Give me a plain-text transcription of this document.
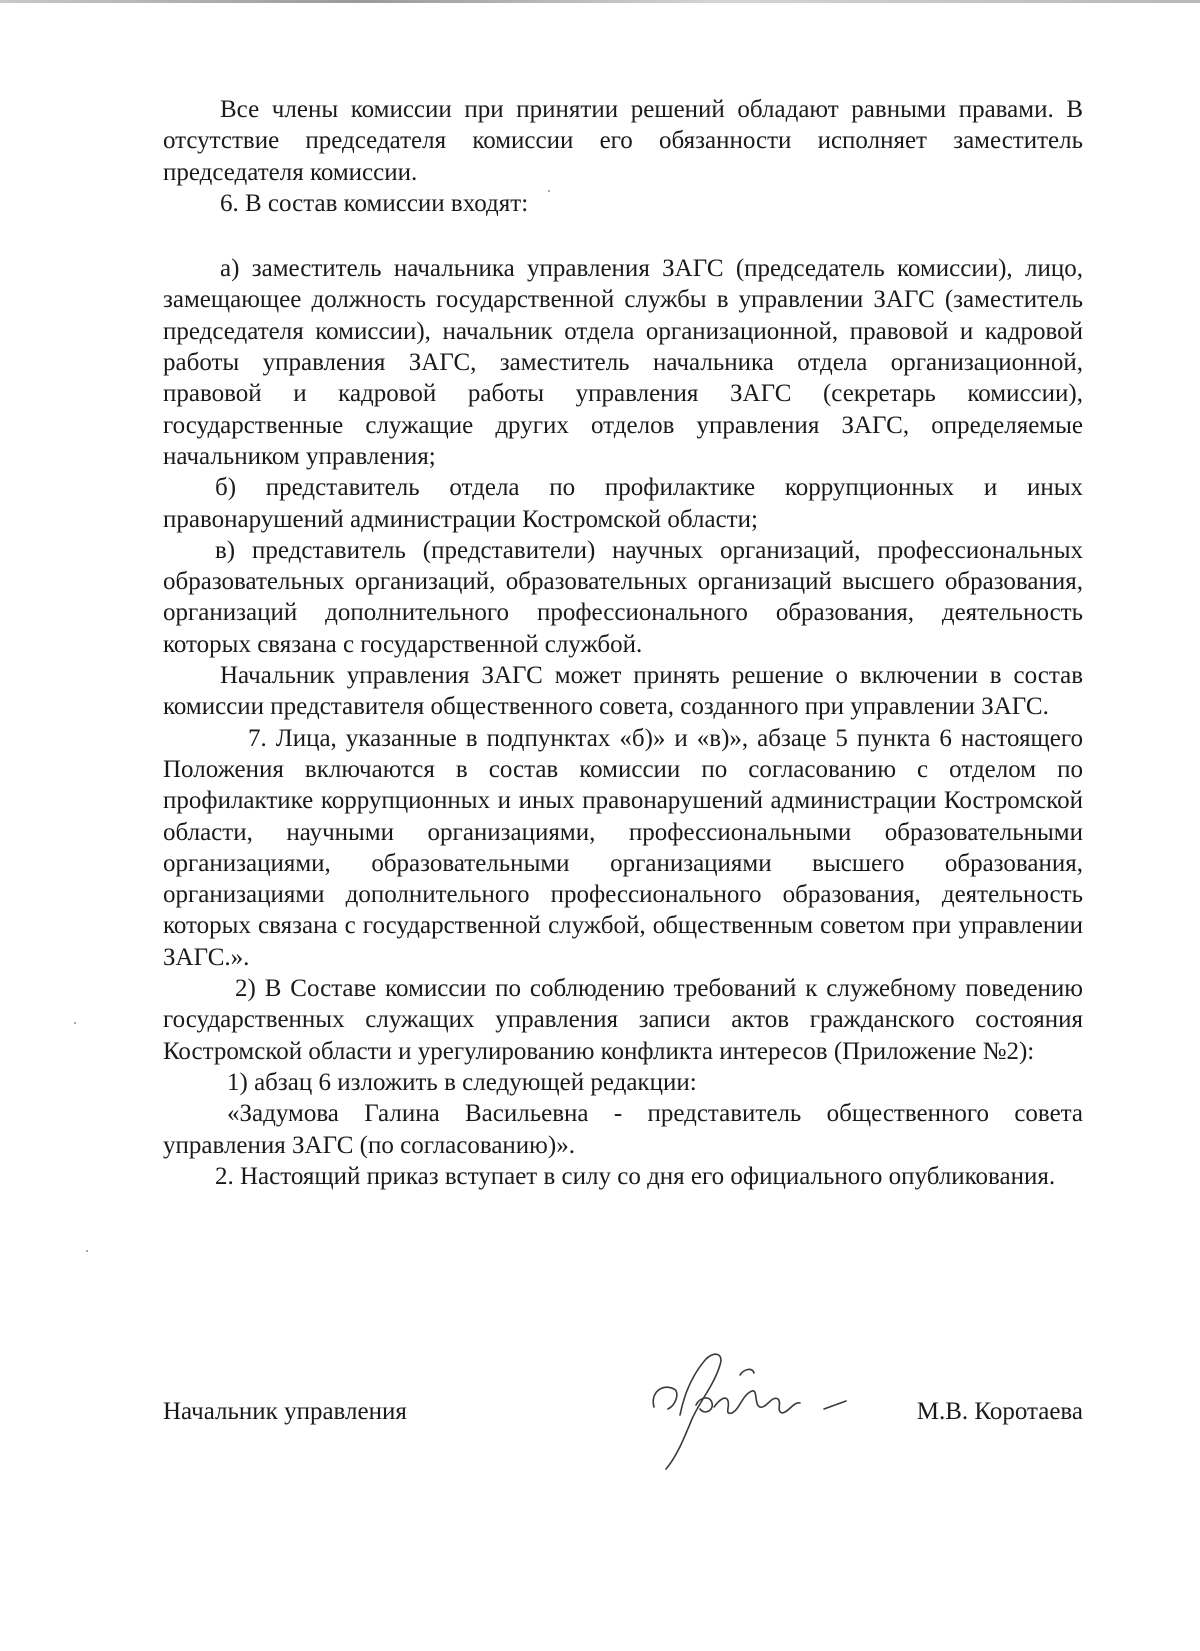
Все члены комиссии при принятии решений обладают равными правами. В отсутствие председателя комиссии его обязанности исполняет заместитель председателя комиссии.

6. В состав комиссии входят:

а) заместитель начальника управления ЗАГС (председатель комиссии), лицо, замещающее должность государственной службы в управлении ЗАГС (заместитель председателя комиссии), начальник отдела организационной, правовой и кадровой работы управления ЗАГС, заместитель начальника отдела организационной, правовой и кадровой работы управления ЗАГС (секретарь комиссии), государственные служащие других отделов управления ЗАГС, определяемые начальником управления;

б) представитель отдела по профилактике коррупционных и иных правонарушений администрации Костромской области;

в) представитель (представители) научных организаций, профессиональных образовательных организаций, образовательных организаций высшего образования, организаций дополнительного профессионального образования, деятельность которых связана с государственной службой.

Начальник управления ЗАГС может принять решение о включении в состав комиссии представителя общественного совета, созданного при управлении ЗАГС.

7. Лица, указанные в подпунктах «б)» и «в)», абзаце 5 пункта 6 настоящего Положения включаются в состав комиссии по согласованию с отделом по профилактике коррупционных и иных правонарушений администрации Костромской области, научными организациями, профессиональными образовательными организациями, образовательными организациями высшего образования, организациями дополнительного профессионального образования, деятельность которых связана с государственной службой, общественным советом при управлении ЗАГС.».

2) В Составе комиссии по соблюдению требований к служебному поведению государственных служащих управления записи актов гражданского состояния Костромской области и урегулированию конфликта интересов (Приложение №2):

1) абзац 6 изложить в следующей редакции:

«Задумова Галина Васильевна - представитель общественного совета управления ЗАГС (по согласованию)».

2. Настоящий приказ вступает в силу со дня его официального опубликования.

Начальник управления	М.В. Коротаева
